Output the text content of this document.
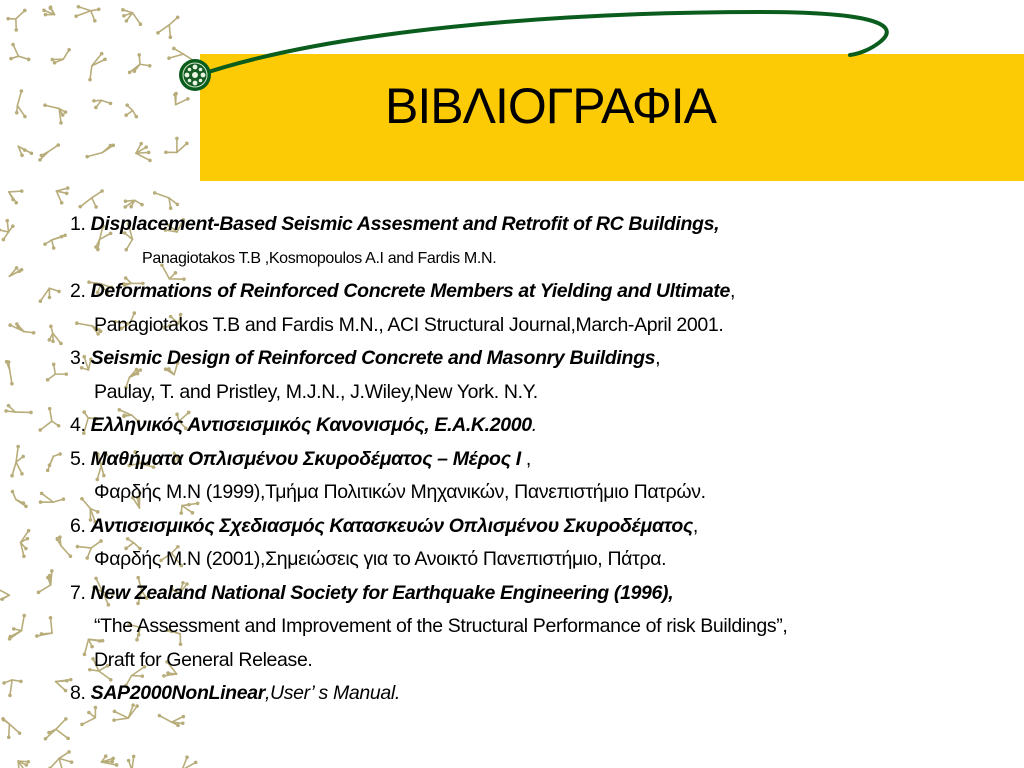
ΒΙΒΛΙΟΓΡΑΦΙΑ
1. Displacement-Based Seismic Assesment and Retrofit of RC Buildings,
Panagiotakos T.B ,Kosmopoulos A.I and Fardis M.N.
2. Deformations of Reinforced Concrete Members at Yielding and Ultimate,
Panagiotakos T.B and Fardis M.N., ACI Structural Journal,March-April 2001.
3. Seismic Design of Reinforced Concrete and Masonry Buildings,
Paulay, T. and Pristley, M.J.N., J.Wiley,New York. N.Y.
4. Ελληνικός Αντισεισμικός Κανονισμός, Ε.Α.Κ.2000.
5. Μαθήματα Οπλισμένου Σκυροδέματος – Μέρος Ι ,
Φαρδής Μ.Ν (1999),Τμήμα Πολιτικών Μηχανικών, Πανεπιστήμιο Πατρών.
6. Αντισεισμικός Σχεδιασμός Κατασκευών Οπλισμένου Σκυροδέματος,
Φαρδής Μ.Ν (2001),Σημειώσεις για το Ανοικτό Πανεπιστήμιο, Πάτρα.
7. New Zealand National Society for Earthquake Engineering (1996),
“The Assessment and Improvement of the Structural Performance of risk Buildings”,
Draft for General Release.
8. SAP2000NonLinear,User’ s Manual.
